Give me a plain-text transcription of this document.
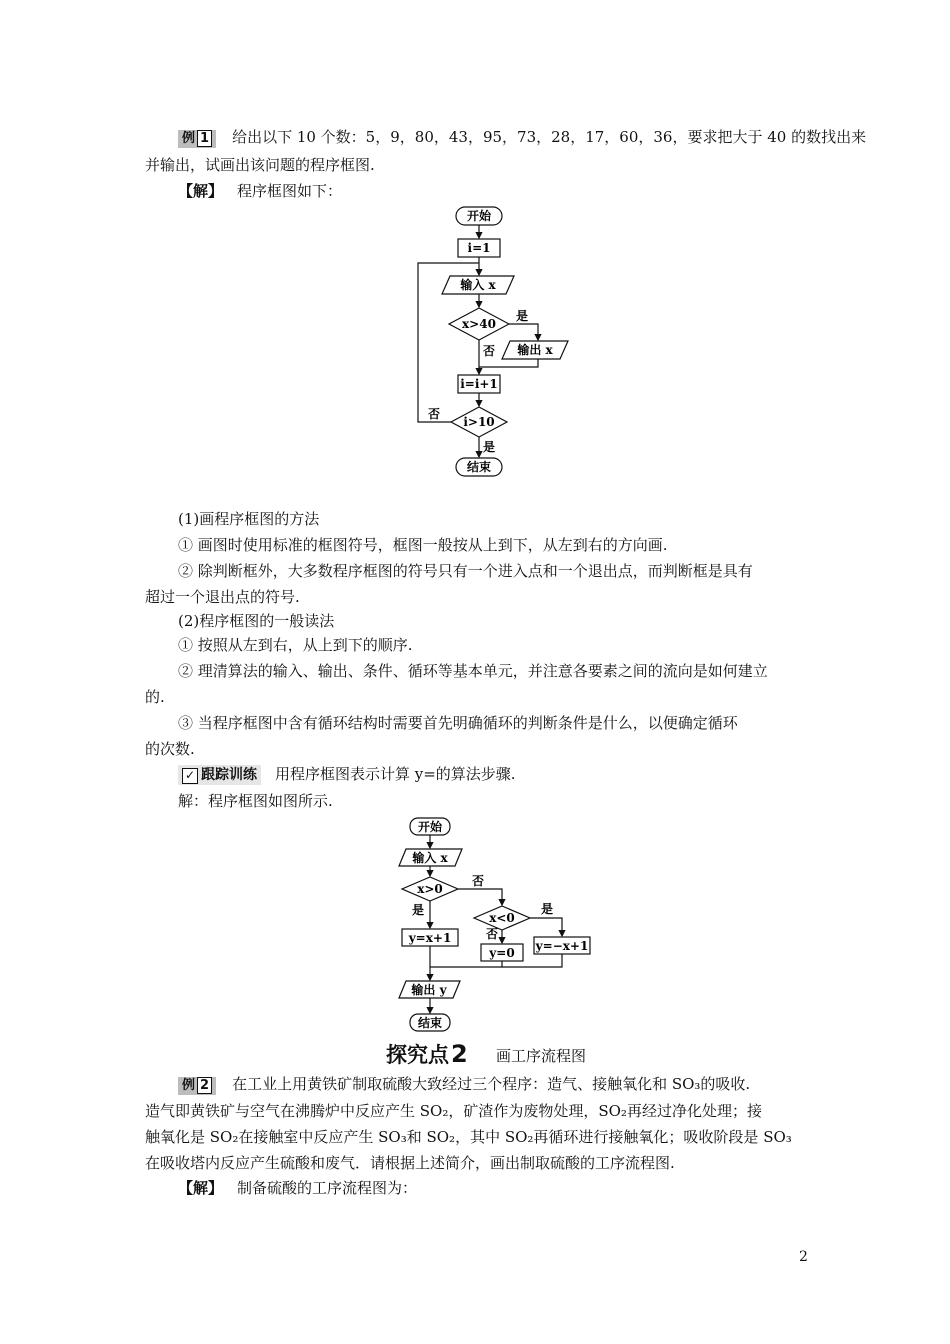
例 1 给出以下 10 个数：5，9，80，43，95，73，28，17，60，36，要求把大于 40 的数找出来
并输出，试画出该问题的程序框图.
【解】 程序框图如下：
开始
i=1
输入 x
x>40
是
输出 x
否
i=i+1
i>10
否
是
结束
(1)画程序框图的方法
① 画图时使用标准的框图符号，框图一般按从上到下，从左到右的方向画.
② 除判断框外，大多数程序框图的符号只有一个进入点和一个退出点，而判断框是具有
超过一个退出点的符号.
(2)程序框图的一般读法
① 按照从左到右，从上到下的顺序.
② 理清算法的输入、输出、条件、循环等基本单元，并注意各要素之间的流向是如何建立
的.
③ 当程序框图中含有循环结构时需要首先明确循环的判断条件是什么，以便确定循环
的次数.
✓ 跟踪训练 用程序框图表示计算 y=的算法步骤.
解：程序框图如图所示.
开始
输入 x
x>0
否
是
x<0
是
否
y=x+1
y=0 y=−x+1
输出 y
结束
探究点2 画工序流程图
例 2 在工业上用黄铁矿制取硫酸大致经过三个程序：造气、接触氧化和 SO₃的吸收.
造气即黄铁矿与空气在沸腾炉中反应产生 SO₂，矿渣作为废物处理，SO₂再经过净化处理；接
触氧化是 SO₂在接触室中反应产生 SO₃和 SO₂，其中 SO₂再循环进行接触氧化；吸收阶段是 SO₃
在吸收塔内反应产生硫酸和废气．请根据上述简介，画出制取硫酸的工序流程图.
【解】 制备硫酸的工序流程图为：
2
